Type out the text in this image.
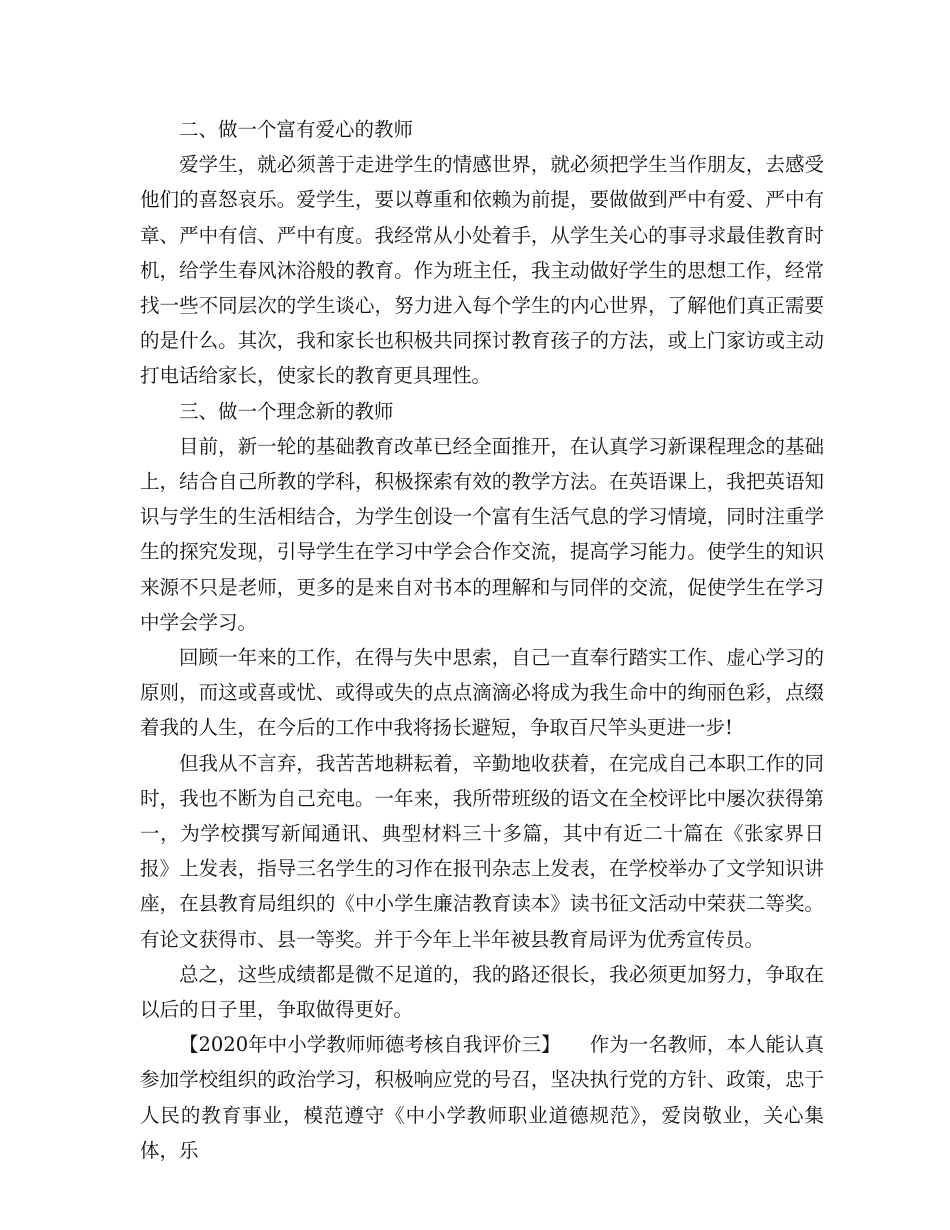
二、做一个富有爱心的教师

爱学生，就必须善于走进学生的情感世界，就必须把学生当作朋友，去感受他们的喜怒哀乐。爱学生，要以尊重和依赖为前提，要做做到严中有爱、严中有章、严中有信、严中有度。我经常从小处着手，从学生关心的事寻求最佳教育时机，给学生春风沐浴般的教育。作为班主任，我主动做好学生的思想工作，经常找一些不同层次的学生谈心，努力进入每个学生的内心世界，了解他们真正需要的是什么。其次，我和家长也积极共同探讨教育孩子的方法，或上门家访或主动打电话给家长，使家长的教育更具理性。

三、做一个理念新的教师

目前，新一轮的基础教育改革已经全面推开，在认真学习新课程理念的基础上，结合自己所教的学科，积极探索有效的教学方法。在英语课上，我把英语知识与学生的生活相结合，为学生创设一个富有生活气息的学习情境，同时注重学生的探究发现，引导学生在学习中学会合作交流，提高学习能力。使学生的知识来源不只是老师，更多的是来自对书本的理解和与同伴的交流，促使学生在学习中学会学习。

回顾一年来的工作，在得与失中思索，自己一直奉行踏实工作、虚心学习的原则，而这或喜或忧、或得或失的点点滴滴必将成为我生命中的绚丽色彩，点缀着我的人生，在今后的工作中我将扬长避短，争取百尺竿头更进一步!

但我从不言弃，我苦苦地耕耘着，辛勤地收获着，在完成自己本职工作的同时，我也不断为自己充电。一年来，我所带班级的语文在全校评比中屡次获得第一，为学校撰写新闻通讯、典型材料三十多篇，其中有近二十篇在《张家界日报》上发表，指导三名学生的习作在报刊杂志上发表，在学校举办了文学知识讲座，在县教育局组织的《中小学生廉洁教育读本》读书征文活动中荣获二等奖。有论文获得市、县一等奖。并于今年上半年被县教育局评为优秀宣传员。

总之，这些成绩都是微不足道的，我的路还很长，我必须更加努力，争取在以后的日子里，争取做得更好。

【2020年中小学教师师德考核自我评价三】　　作为一名教师，本人能认真参加学校组织的政治学习，积极响应党的号召，坚决执行党的方针、政策，忠于人民的教育事业，模范遵守《中小学教师职业道德规范》，爱岗敬业，关心集体，乐
